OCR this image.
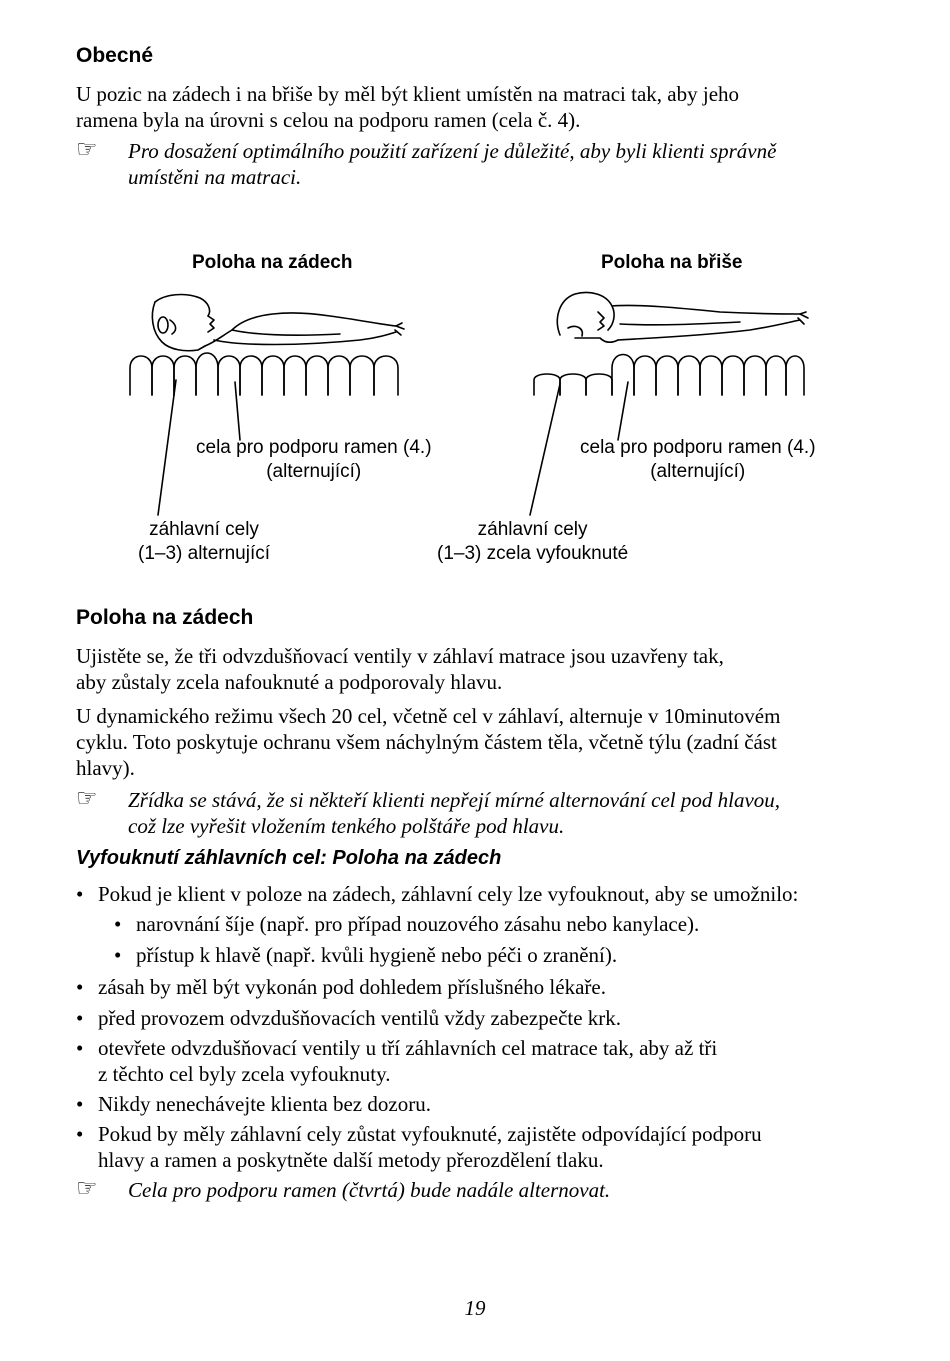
Obecné
U pozic na zádech i na břiše by měl být klient umístěn na matraci tak, aby jeho
ramena byla na úrovni s celou na podporu ramen (cela č. 4).
☞ Pro dosažení optimálního použití zařízení je důležité, aby byli klienti správně
umístěni na matraci.
Poloha na zádech	Poloha na břiše
cela pro podporu ramen (4.)
(alternující)
cela pro podporu ramen (4.)
(alternující)
záhlavní cely
(1–3) alternující
záhlavní cely
(1–3) zcela vyfouknuté
Poloha na zádech
Ujistěte se, že tři odvzdušňovací ventily v záhlaví matrace jsou uzavřeny tak,
aby zůstaly zcela nafouknuté a podporovaly hlavu.
U dynamického režimu všech 20 cel, včetně cel v záhlaví, alternuje v 10minutovém
cyklu. Toto poskytuje ochranu všem náchylným částem těla, včetně týlu (zadní část
hlavy).
☞ Zřídka se stává, že si někteří klienti nepřejí mírné alternování cel pod hlavou,
což lze vyřešit vložením tenkého polštáře pod hlavu.
Vyfouknutí záhlavních cel: Poloha na zádech
• Pokud je klient v poloze na zádech, záhlavní cely lze vyfouknout, aby se umožnilo:
• narovnání šíje (např. pro případ nouzového zásahu nebo kanylace).
• přístup k hlavě (např. kvůli hygieně nebo péči o zranění).
• zásah by měl být vykonán pod dohledem příslušného lékaře.
• před provozem odvzdušňovacích ventilů vždy zabezpečte krk.
• otevřete odvzdušňovací ventily u tří záhlavních cel matrace tak, aby až tři
z těchto cel byly zcela vyfouknuty.
• Nikdy nenechávejte klienta bez dozoru.
• Pokud by měly záhlavní cely zůstat vyfouknuté, zajistěte odpovídající podporu
hlavy a ramen a poskytněte další metody přerozdělení tlaku.
☞ Cela pro podporu ramen (čtvrtá) bude nadále alternovat.
19
